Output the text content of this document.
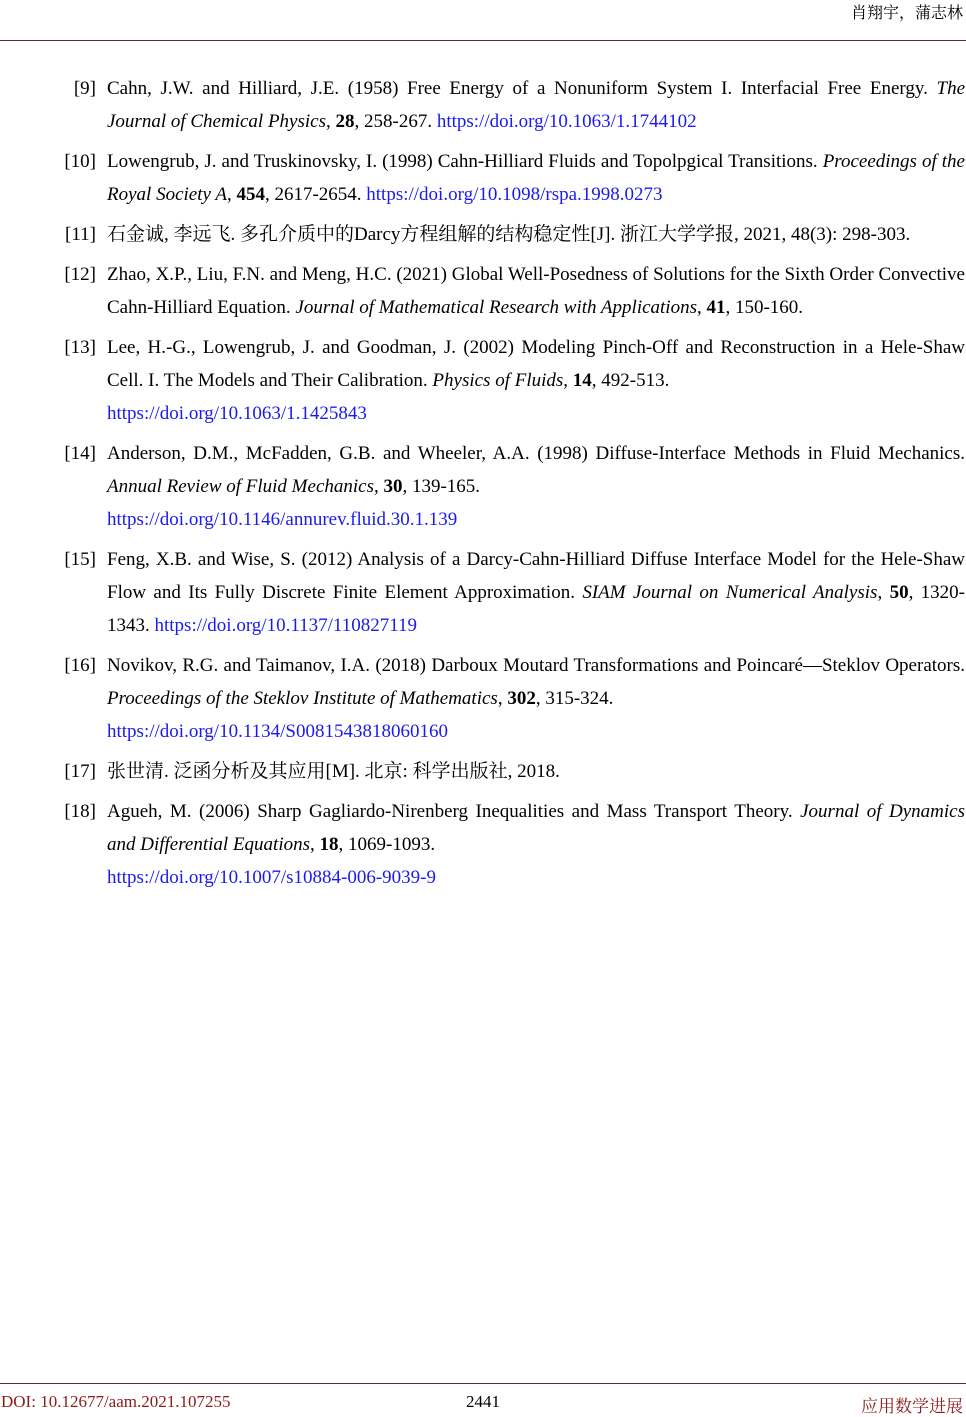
肖翔宇，蒲志林
[9] Cahn, J.W. and Hilliard, J.E. (1958) Free Energy of a Nonuniform System I. Interfacial Free Energy. The Journal of Chemical Physics, 28, 258-267. https://doi.org/10.1063/1.1744102
[10] Lowengrub, J. and Truskinovsky, I. (1998) Cahn-Hilliard Fluids and Topolpgical Transitions. Proceedings of the Royal Society A, 454, 2617-2654. https://doi.org/10.1098/rspa.1998.0273
[11] 石金诚, 李远飞. 多孔介质中的Darcy方程组解的结构稳定性[J]. 浙江大学学报, 2021, 48(3): 298-303.
[12] Zhao, X.P., Liu, F.N. and Meng, H.C. (2021) Global Well-Posedness of Solutions for the Sixth Order Convective Cahn-Hilliard Equation. Journal of Mathematical Research with Applications, 41, 150-160.
[13] Lee, H.-G., Lowengrub, J. and Goodman, J. (2002) Modeling Pinch-Off and Reconstruction in a Hele-Shaw Cell. I. The Models and Their Calibration. Physics of Fluids, 14, 492-513.
https://doi.org/10.1063/1.1425843
[14] Anderson, D.M., McFadden, G.B. and Wheeler, A.A. (1998) Diffuse-Interface Methods in Fluid Mechanics. Annual Review of Fluid Mechanics, 30, 139-165.
https://doi.org/10.1146/annurev.fluid.30.1.139
[15] Feng, X.B. and Wise, S. (2012) Analysis of a Darcy-Cahn-Hilliard Diffuse Interface Model for the Hele-Shaw Flow and Its Fully Discrete Finite Element Approximation. SIAM Journal on Numerical Analysis, 50, 1320-1343. https://doi.org/10.1137/110827119
[16] Novikov, R.G. and Taimanov, I.A. (2018) Darboux Moutard Transformations and Poincaré—Steklov Operators. Proceedings of the Steklov Institute of Mathematics, 302, 315-324.
https://doi.org/10.1134/S0081543818060160
[17] 张世清. 泛函分析及其应用[M]. 北京: 科学出版社, 2018.
[18] Agueh, M. (2006) Sharp Gagliardo-Nirenberg Inequalities and Mass Transport Theory. Journal of Dynamics and Differential Equations, 18, 1069-1093.
https://doi.org/10.1007/s10884-006-9039-9
DOI: 10.12677/aam.2021.107255	2441	应用数学进展
